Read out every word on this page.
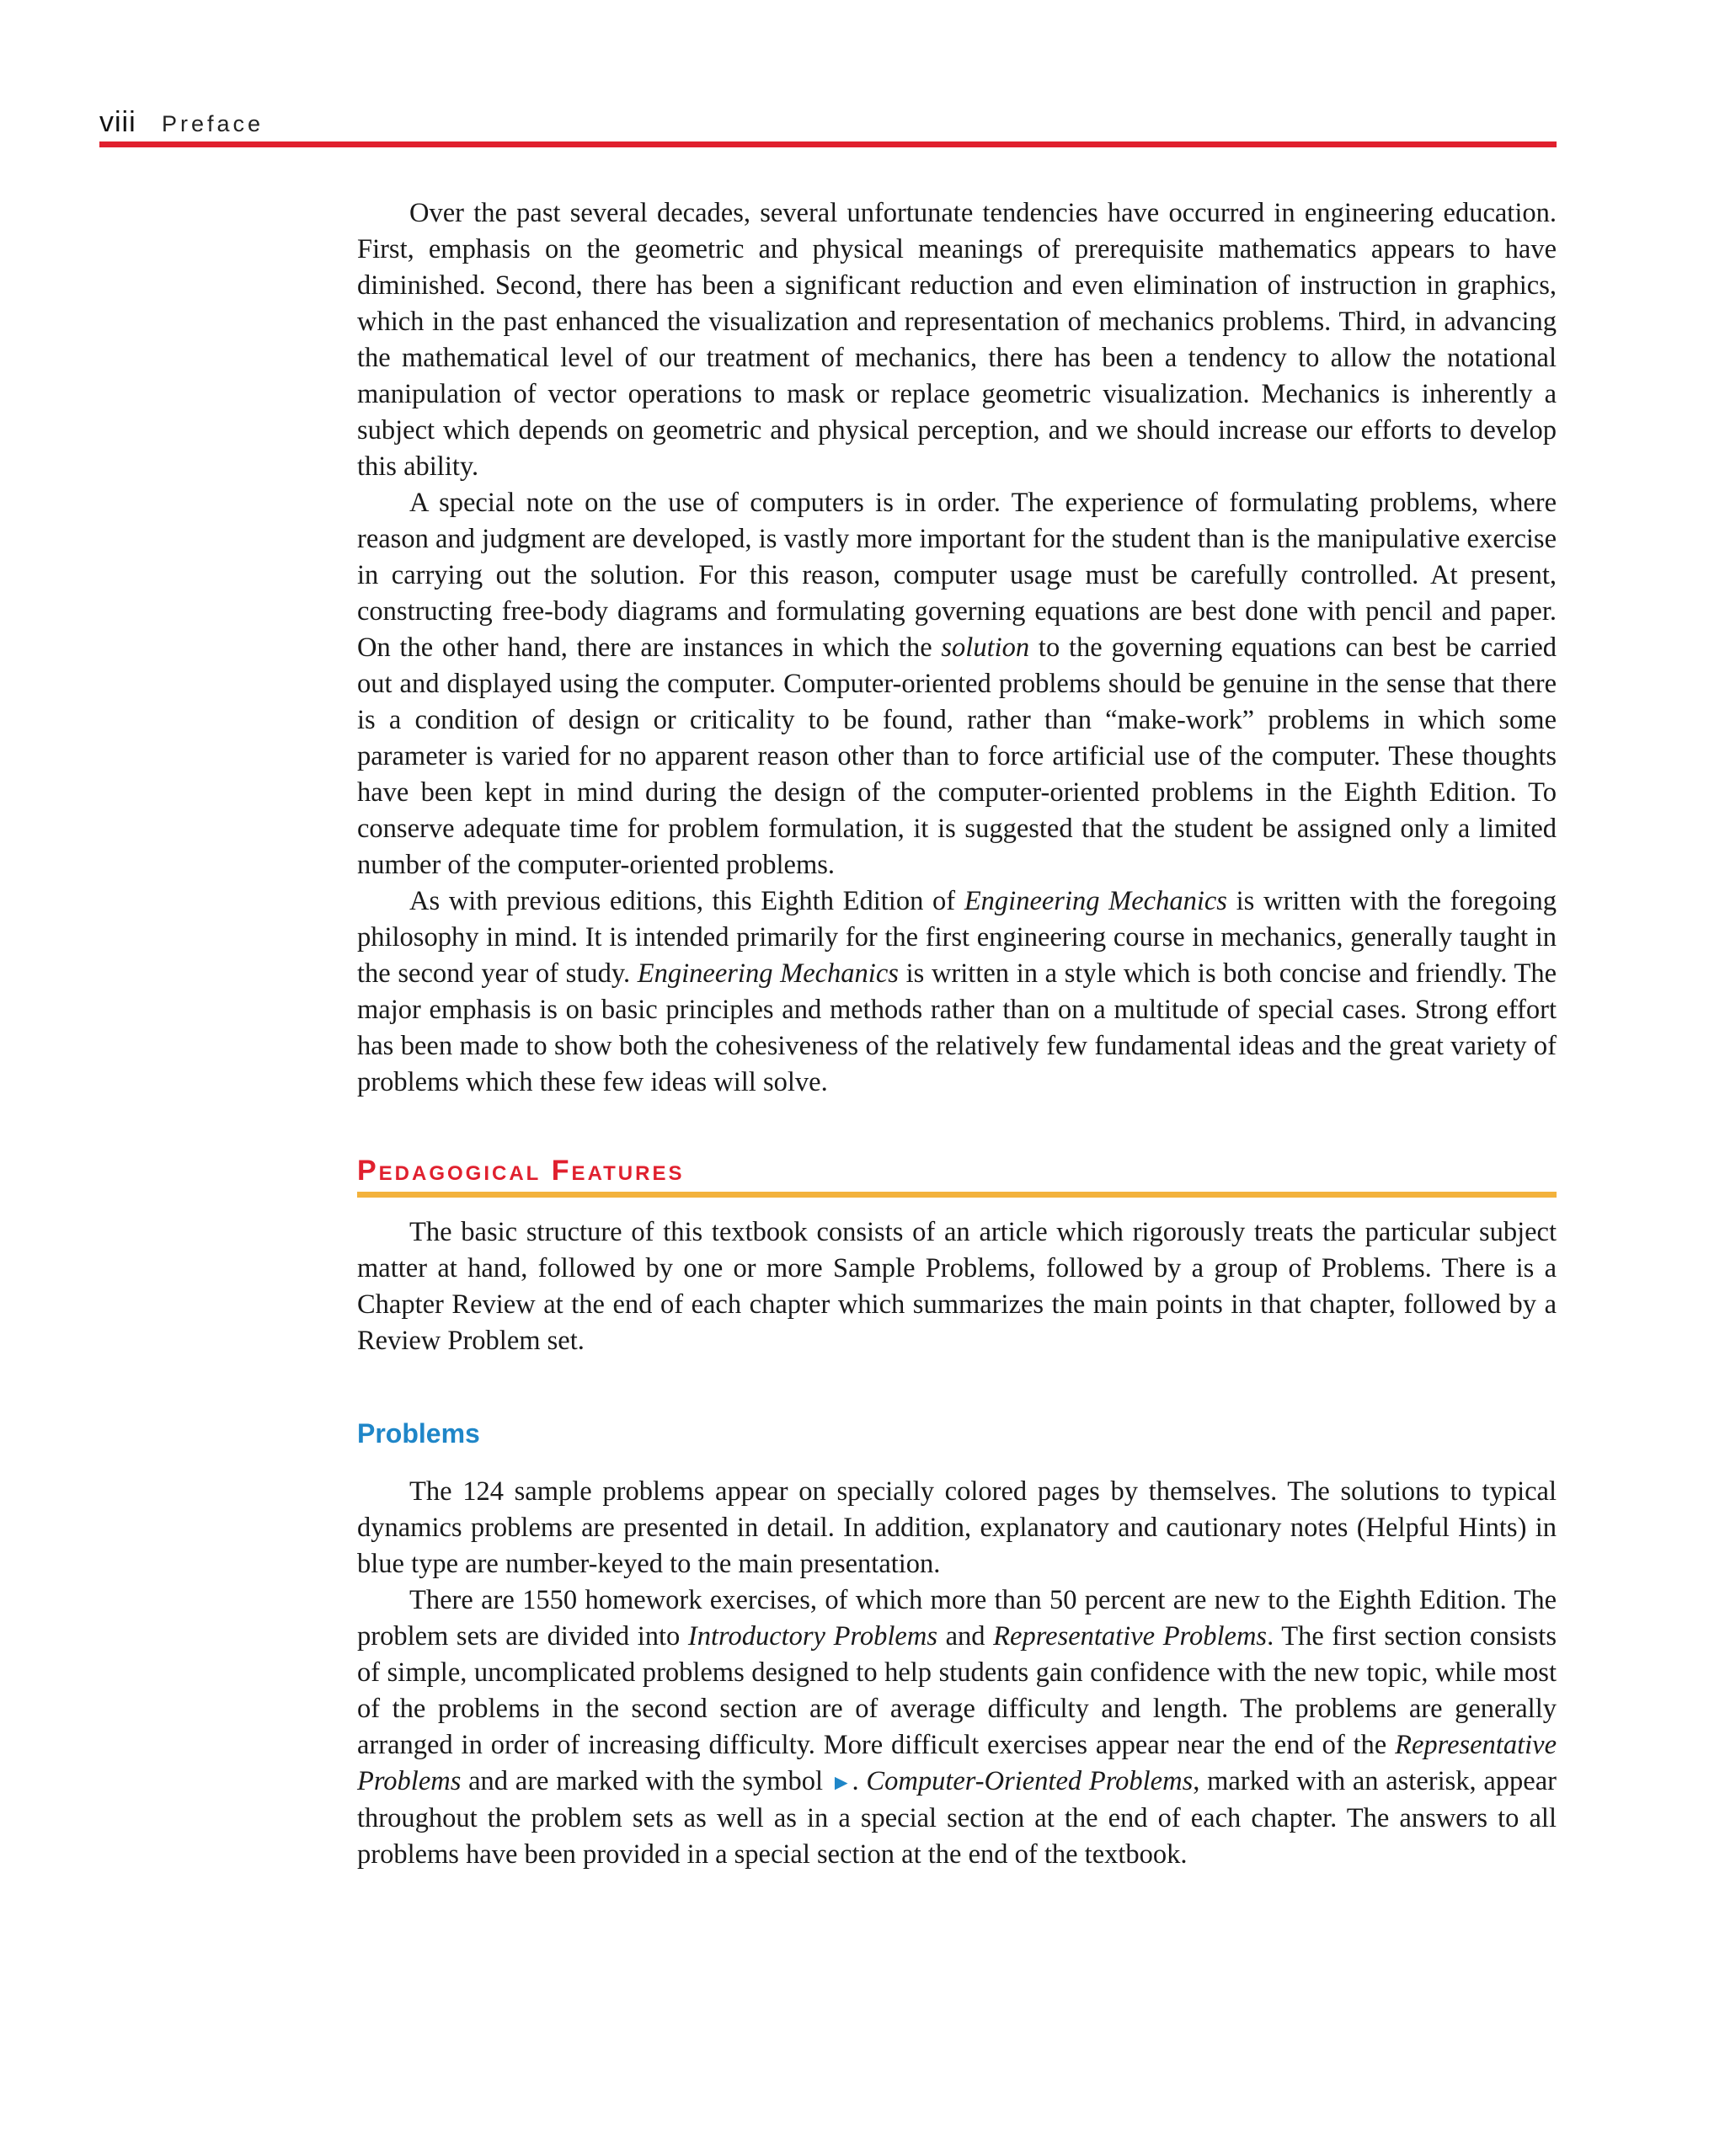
viii Preface

Over the past several decades, several unfortunate tendencies have occurred in engineering education. First, emphasis on the geometric and physical meanings of prerequisite mathematics appears to have diminished. Second, there has been a significant reduction and even elimination of instruction in graphics, which in the past enhanced the visualization and representation of mechanics problems. Third, in advancing the mathematical level of our treatment of mechanics, there has been a tendency to allow the notational manipulation of vector operations to mask or replace geometric visualization. Mechanics is inherently a subject which depends on geometric and physical perception, and we should increase our efforts to develop this ability.

A special note on the use of computers is in order. The experience of formulating problems, where reason and judgment are developed, is vastly more important for the student than is the manipulative exercise in carrying out the solution. For this reason, computer usage must be carefully controlled. At present, constructing free-body diagrams and formulating governing equations are best done with pencil and paper. On the other hand, there are instances in which the solution to the governing equations can best be carried out and displayed using the computer. Computer-oriented problems should be genuine in the sense that there is a condition of design or criticality to be found, rather than “make-work” problems in which some parameter is varied for no apparent reason other than to force artificial use of the computer. These thoughts have been kept in mind during the design of the computer-oriented problems in the Eighth Edition. To conserve adequate time for problem formulation, it is suggested that the student be assigned only a limited number of the computer-oriented problems.

As with previous editions, this Eighth Edition of Engineering Mechanics is written with the foregoing philosophy in mind. It is intended primarily for the first engineering course in mechanics, generally taught in the second year of study. Engineering Mechanics is written in a style which is both concise and friendly. The major emphasis is on basic principles and methods rather than on a multitude of special cases. Strong effort has been made to show both the cohesiveness of the relatively few fundamental ideas and the great variety of problems which these few ideas will solve.

Pedagogical Features

The basic structure of this textbook consists of an article which rigorously treats the particular subject matter at hand, followed by one or more Sample Problems, followed by a group of Problems. There is a Chapter Review at the end of each chapter which summarizes the main points in that chapter, followed by a Review Problem set.

Problems

The 124 sample problems appear on specially colored pages by themselves. The solutions to typical dynamics problems are presented in detail. In addition, explanatory and cautionary notes (Helpful Hints) in blue type are number-keyed to the main presentation.

There are 1550 homework exercises, of which more than 50 percent are new to the Eighth Edition. The problem sets are divided into Introductory Problems and Representative Problems. The first section consists of simple, uncomplicated problems designed to help students gain confidence with the new topic, while most of the problems in the second section are of average difficulty and length. The problems are generally arranged in order of increasing difficulty. More difficult exercises appear near the end of the Representative Problems and are marked with the symbol ►. Computer-Oriented Problems, marked with an asterisk, appear throughout the problem sets as well as in a special section at the end of each chapter. The answers to all problems have been provided in a special section at the end of the textbook.
